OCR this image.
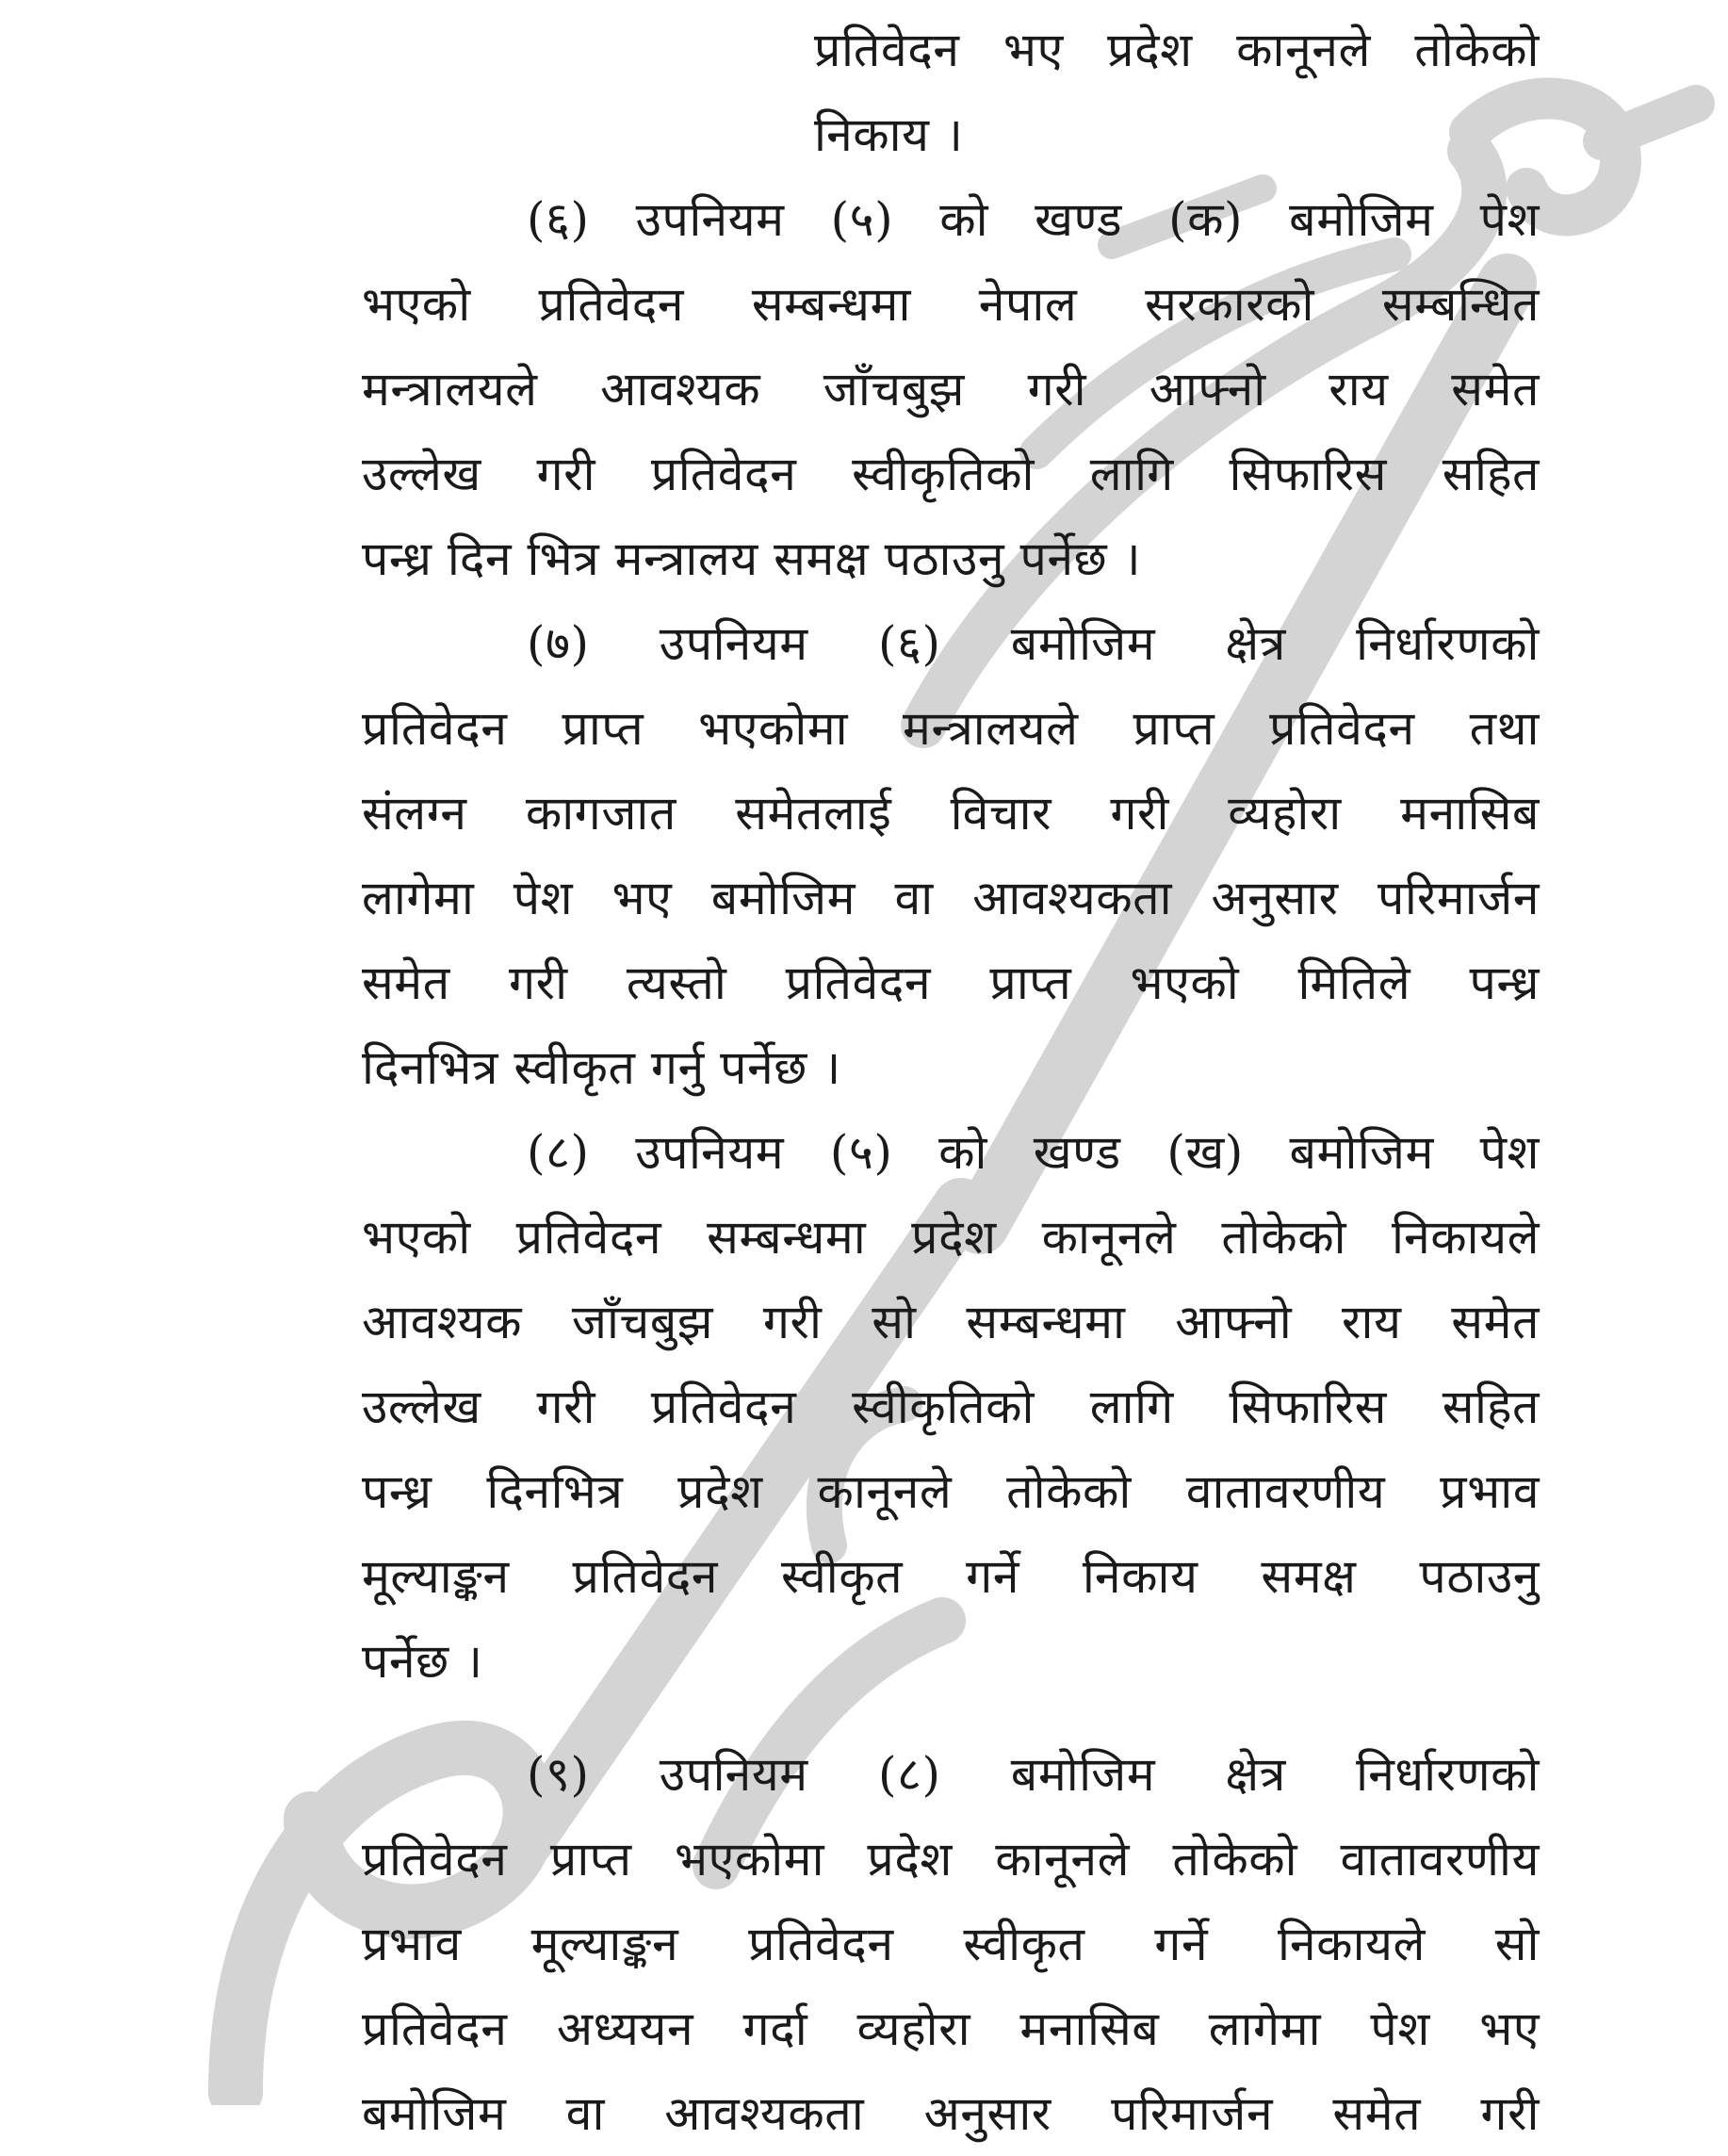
प्रतिवेदन भए प्रदेश कानूनले तोकेको
निकाय ।
(६) उपनियम (५) को खण्ड (क) बमोजिम पेश
भएको प्रतिवेदन सम्बन्धमा नेपाल सरकारको सम्बन्धित
मन्त्रालयले आवश्यक जाँचबुझ गरी आफ्नो राय समेत
उल्लेख गरी प्रतिवेदन स्वीकृतिको लागि सिफारिस सहित
पन्ध्र दिन भित्र मन्त्रालय समक्ष पठाउनु पर्नेछ ।
(७) उपनियम (६) बमोजिम क्षेत्र निर्धारणको
प्रतिवेदन प्राप्त भएकोमा मन्त्रालयले प्राप्त प्रतिवेदन तथा
संलग्न कागजात समेतलाई विचार गरी व्यहोरा मनासिब
लागेमा पेश भए बमोजिम वा आवश्यकता अनुसार परिमार्जन
समेत गरी त्यस्तो प्रतिवेदन प्राप्त भएको मितिले पन्ध्र
दिनभित्र स्वीकृत गर्नु पर्नेछ ।
(८) उपनियम (५) को खण्ड (ख) बमोजिम पेश
भएको प्रतिवेदन सम्बन्धमा प्रदेश कानूनले तोकेको निकायले
आवश्यक जाँचबुझ गरी सो सम्बन्धमा आफ्नो राय समेत
उल्लेख गरी प्रतिवेदन स्वीकृतिको लागि सिफारिस सहित
पन्ध्र दिनभित्र प्रदेश कानूनले तोकेको वातावरणीय प्रभाव
मूल्याङ्कन प्रतिवेदन स्वीकृत गर्ने निकाय समक्ष पठाउनु
पर्नेछ ।
(९) उपनियम (८) बमोजिम क्षेत्र निर्धारणको
प्रतिवेदन प्राप्त भएकोमा प्रदेश कानूनले तोकेको वातावरणीय
प्रभाव मूल्याङ्कन प्रतिवेदन स्वीकृत गर्ने निकायले सो
प्रतिवेदन अध्ययन गर्दा व्यहोरा मनासिब लागेमा पेश भए
बमोजिम वा आवश्यकता अनुसार परिमार्जन समेत गरी
